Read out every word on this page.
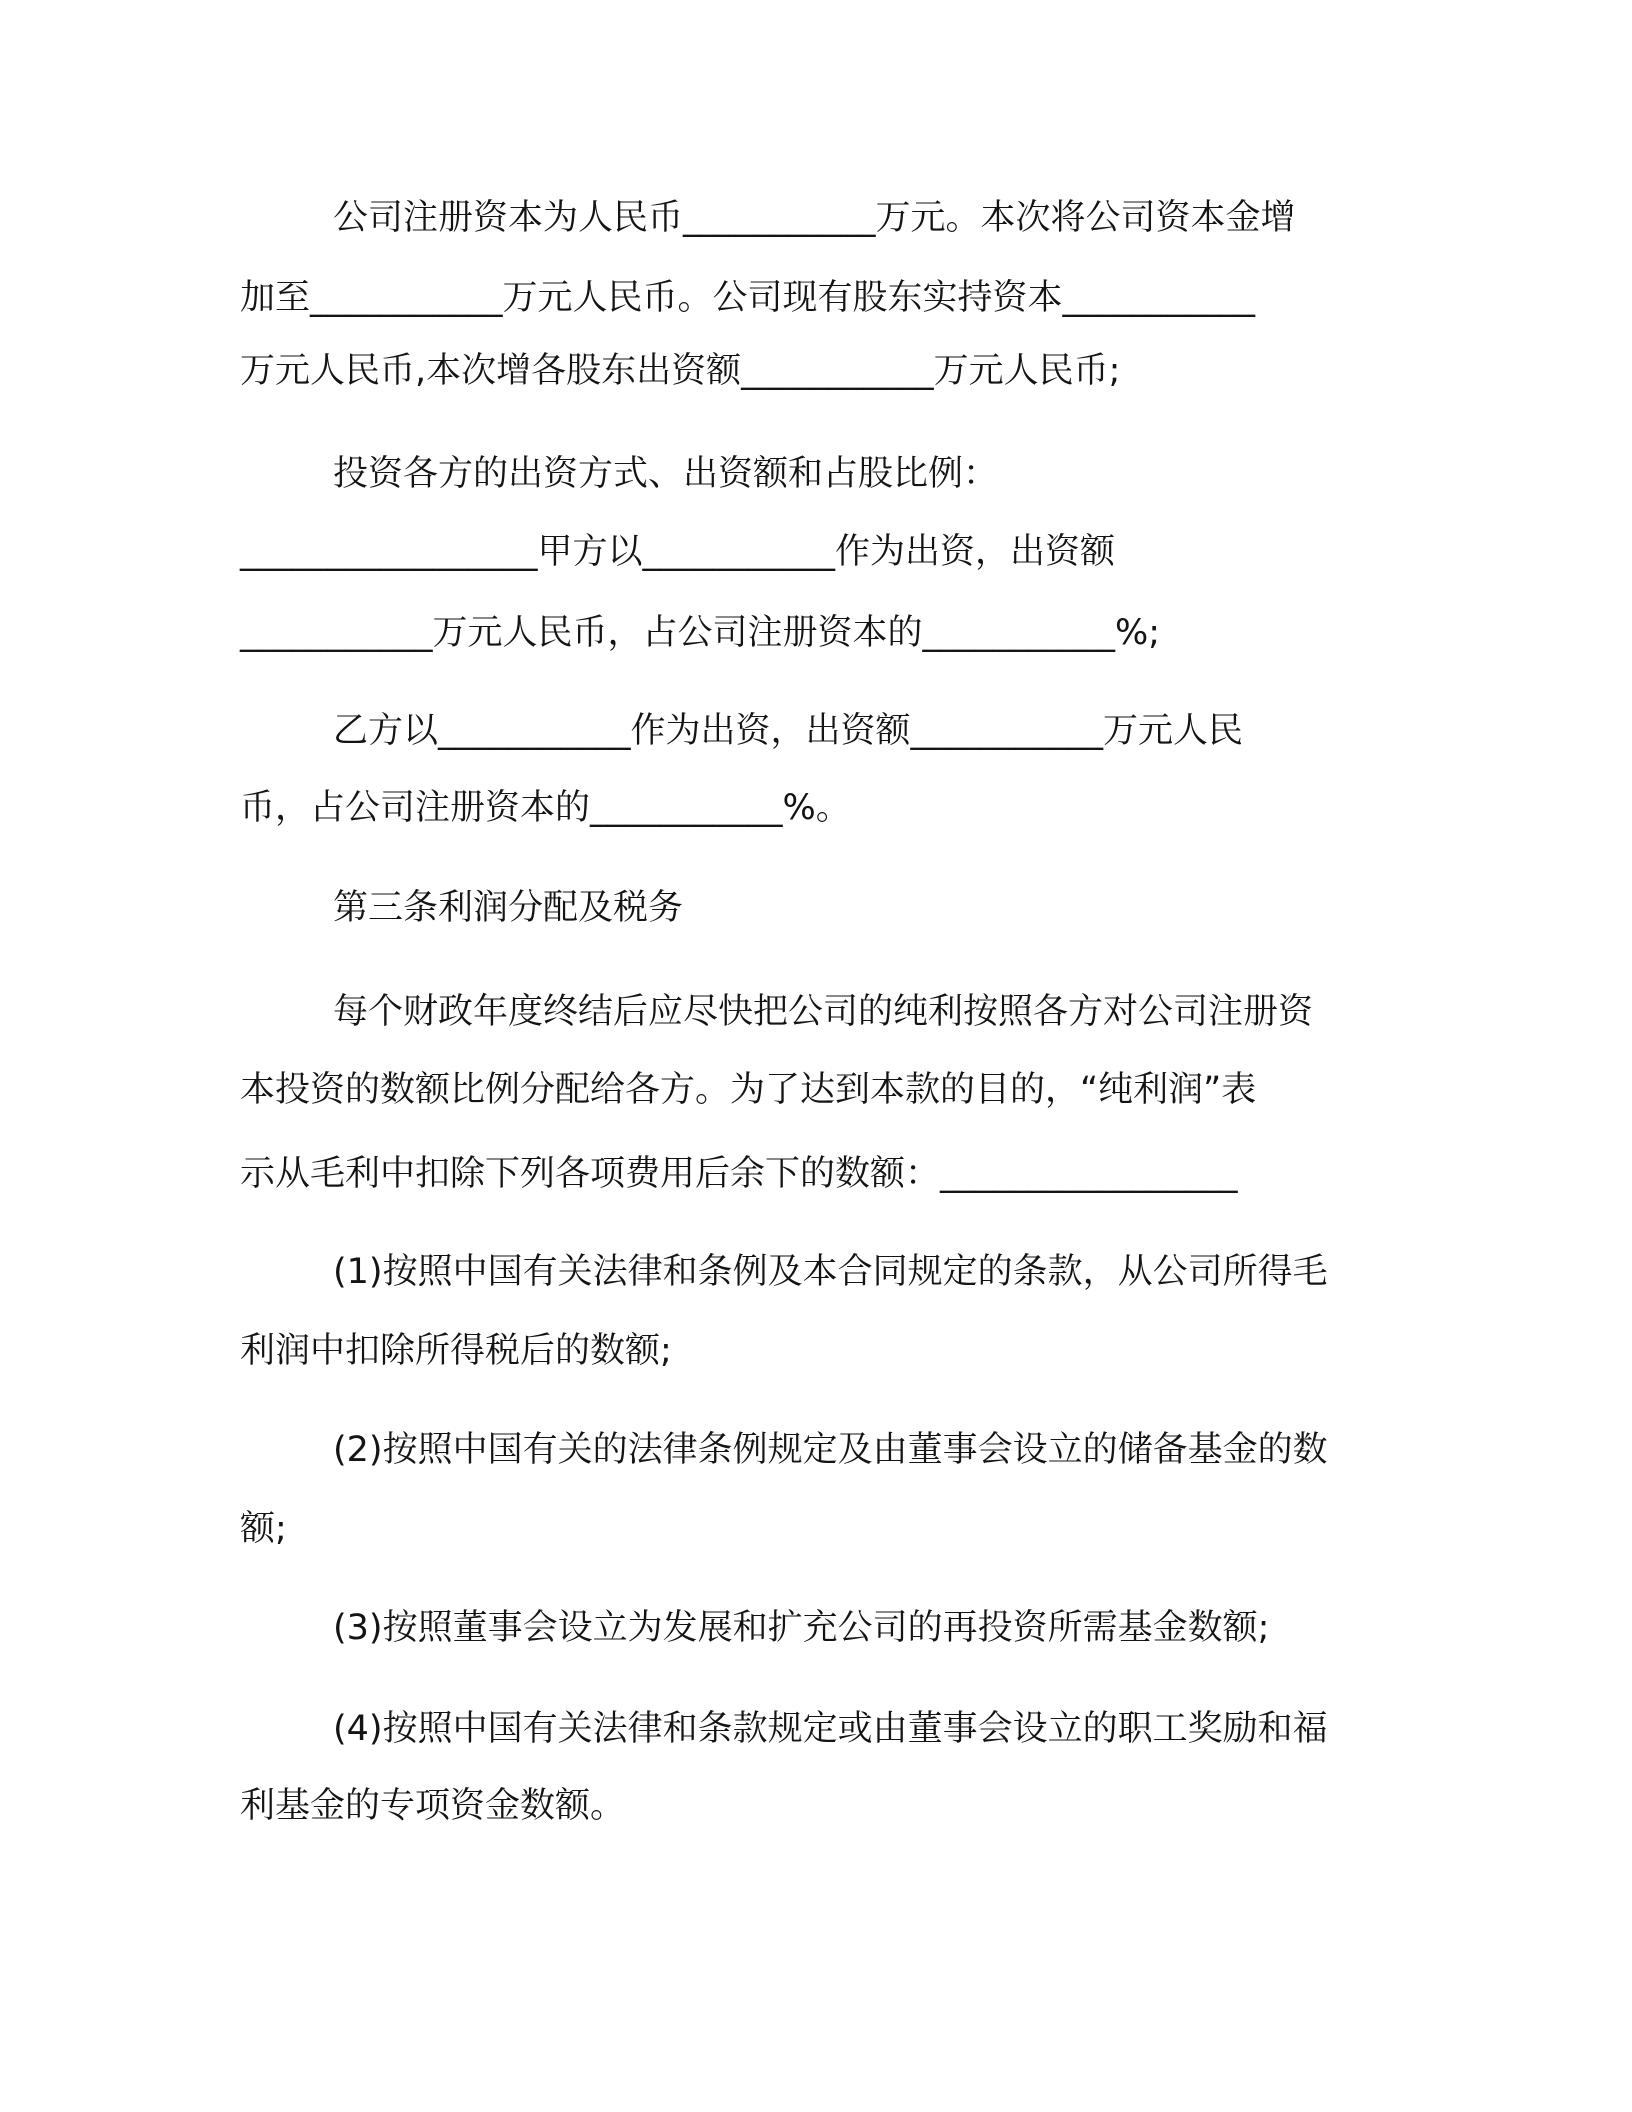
公司注册资本为人民币___________万元。本次将公司资本金增

加至___________万元人民币。公司现有股东实持资本___________

万元人民币,本次增各股东出资额___________万元人民币;

投资各方的出资方式、出资额和占股比例：

_________________甲方以___________作为出资，出资额

___________万元人民币，占公司注册资本的___________%;

乙方以___________作为出资，出资额___________万元人民

币，占公司注册资本的___________%。

第三条利润分配及税务

每个财政年度终结后应尽快把公司的纯利按照各方对公司注册资

本投资的数额比例分配给各方。为了达到本款的目的，“纯利润”表

示从毛利中扣除下列各项费用后余下的数额：_________________

(1)按照中国有关法律和条例及本合同规定的条款，从公司所得毛

利润中扣除所得税后的数额;

(2)按照中国有关的法律条例规定及由董事会设立的储备基金的数

额;

(3)按照董事会设立为发展和扩充公司的再投资所需基金数额;

(4)按照中国有关法律和条款规定或由董事会设立的职工奖励和福

利基金的专项资金数额。
